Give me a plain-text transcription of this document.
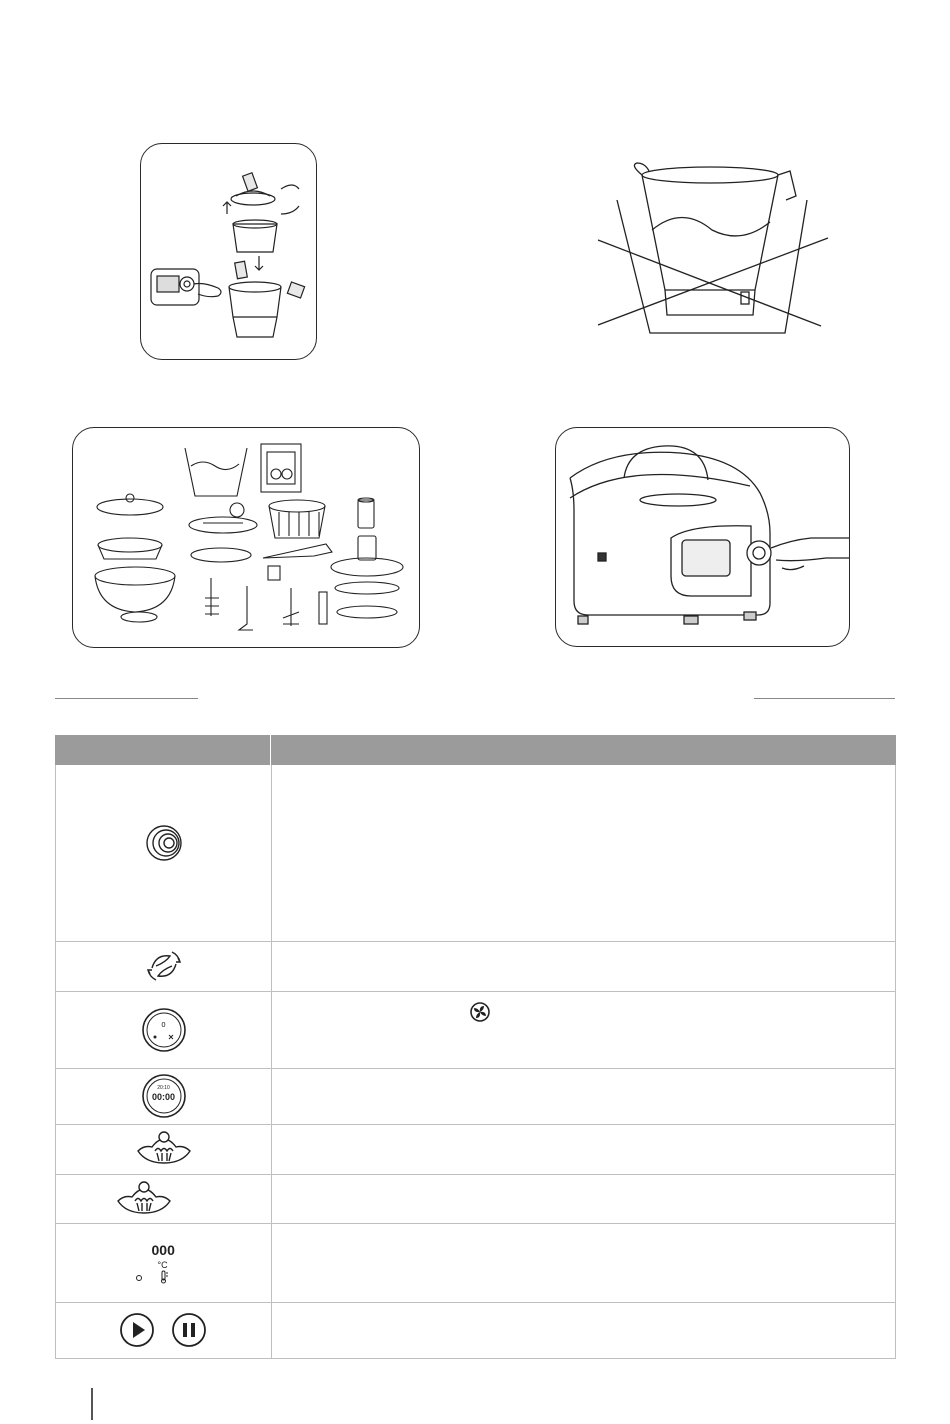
0
20:10
00:00
000
°C
